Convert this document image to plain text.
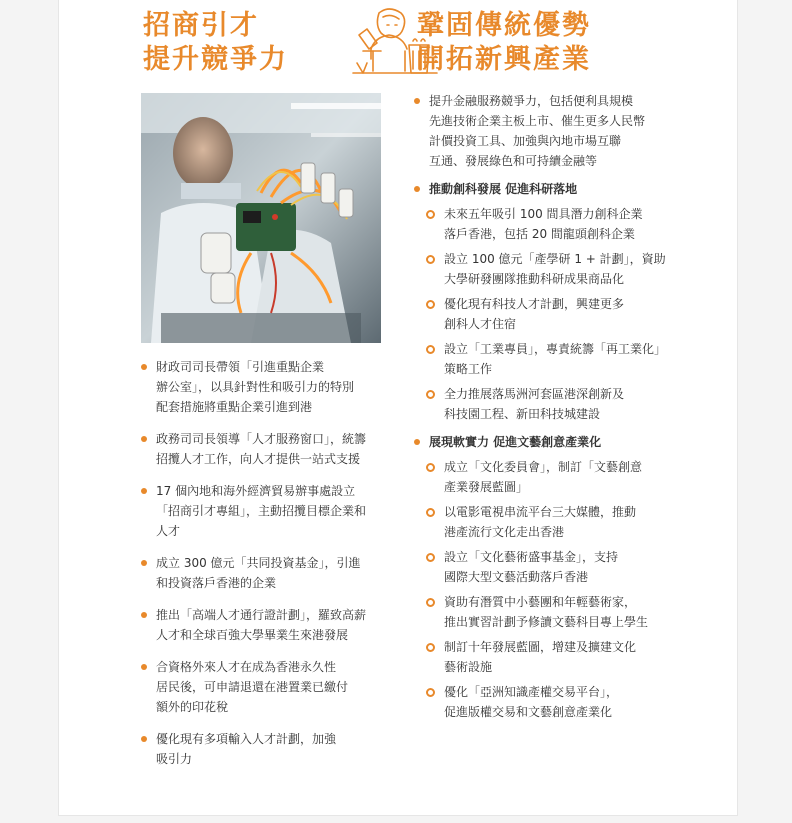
招商引才
提升競爭力
鞏固傳統優勢
開拓新興產業
財政司司長帶領「引進重點企業
辦公室」，以具針對性和吸引力的特別
配套措施將重點企業引進到港
政務司司長領導「人才服務窗口」，統籌
招攬人才工作，向人才提供一站式支援
17 個內地和海外經濟貿易辦事處設立
「招商引才專組」，主動招攬目標企業和
人才
成立 300 億元「共同投資基金」，引進
和投資落戶香港的企業
推出「高端人才通行證計劃」，羅致高薪
人才和全球百強大學畢業生來港發展
合資格外來人才在成為香港永久性
居民後，可申請退還在港置業已繳付
額外的印花稅
優化現有多項輸入人才計劃，加強
吸引力
提升金融服務競爭力，包括便利具規模
先進技術企業主板上市、催生更多人民幣
計價投資工具、加強與內地市場互聯
互通、發展綠色和可持續金融等
推動創科發展 促進科研落地
未來五年吸引 100 間具潛力創科企業
落戶香港，包括 20 間龍頭創科企業
設立 100 億元「產學研 1 + 計劃」，資助
大學研發團隊推動科研成果商品化
優化現有科技人才計劃，興建更多
創科人才住宿
設立「工業專員」，專責統籌「再工業化」
策略工作
全力推展落馬洲河套區港深創新及
科技園工程、新田科技城建設
展現軟實力 促進文藝創意產業化
成立「文化委員會」，制訂「文藝創意
產業發展藍圖」
以電影電視串流平台三大媒體，推動
港產流行文化走出香港
設立「文化藝術盛事基金」，支持
國際大型文藝活動落戶香港
資助有潛質中小藝團和年輕藝術家，
推出實習計劃予修讀文藝科目專上學生
制訂十年發展藍圖，增建及擴建文化
藝術設施
優化「亞洲知識產權交易平台」，
促進版權交易和文藝創意產業化
